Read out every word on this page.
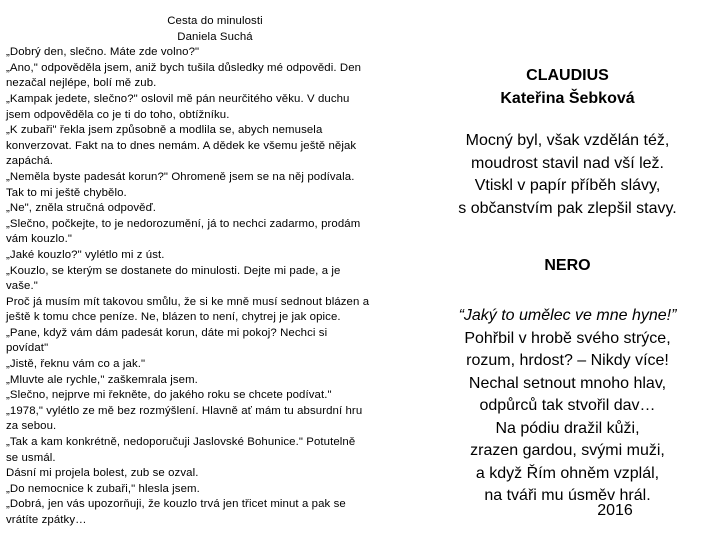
Cesta do minulosti
Daniela Suchá
„Dobrý den, slečno. Máte zde volno?"
„Ano," odpověděla jsem, aniž bych tušila důsledky mé odpovědi. Den
nezačal nejlépe, bolí mě zub.
„Kampak jedete, slečno?" oslovil mě pán neurčitého věku. V duchu
jsem odpověděla co je ti do toho, obtížníku.
„K zubaři" řekla jsem způsobně a modlila se, abych nemusela
konverzovat. Fakt na to dnes nemám. A dědek ke všemu ještě nějak
zapáchá.
„Neměla byste padesát korun?" Ohromeně jsem se na něj podívala.
Tak to mi ještě chybělo.
„Ne", zněla stručná odpověď.
„Slečno, počkejte, to je nedorozumění, já to nechci zadarmo, prodám
vám kouzlo."
„Jaké kouzlo?" vylétlo mi z úst.
„Kouzlo, se kterým se dostanete do minulosti. Dejte mi pade, a je
vaše."
Proč já musím mít takovou smůlu, že si ke mně musí sednout blázen a
ještě k tomu chce peníze. Ne, blázen to není, chytrej je jak opice.
„Pane, když vám dám padesát korun, dáte mi pokoj? Nechci si
povídat"
„Jistě, řeknu vám co a jak."
„Mluvte ale rychle," zaškemrala jsem.
„Slečno, nejprve mi řekněte, do jakého roku se chcete podívat."
„1978," vylétlo ze mě bez rozmýšlení. Hlavně ať mám tu absurdní hru
za sebou.
„Tak a kam konkrétně, nedoporučuji Jaslovské Bohunice." Potutelně
se usmál.
Dásní mi projela bolest, zub se ozval.
„Do nemocnice k zubaři," hlesla jsem.
„Dobrá, jen vás upozorňuji, že kouzlo trvá jen třicet minut a pak se
vrátíte zpátky…
CLAUDIUS
Kateřina Šebková
Mocný byl, však vzdělán též,
moudrost stavil nad vší lež.
Vtiskl v papír příběh slávy,
s občanstvím pak zlepšil stavy.
NERO
“Jaký to umělec ve mne hyne!”
Pohřbil v hrobě svého strýce,
rozum, hrdost? – Nikdy více!
Nechal setnout mnoho hlav,
odpůrců tak stvořil dav…
Na pódiu dražil kůži,
zrazen gardou, svými muži,
a když Řím ohněm vzplál,
na tváři mu úsměv hrál.
2016
